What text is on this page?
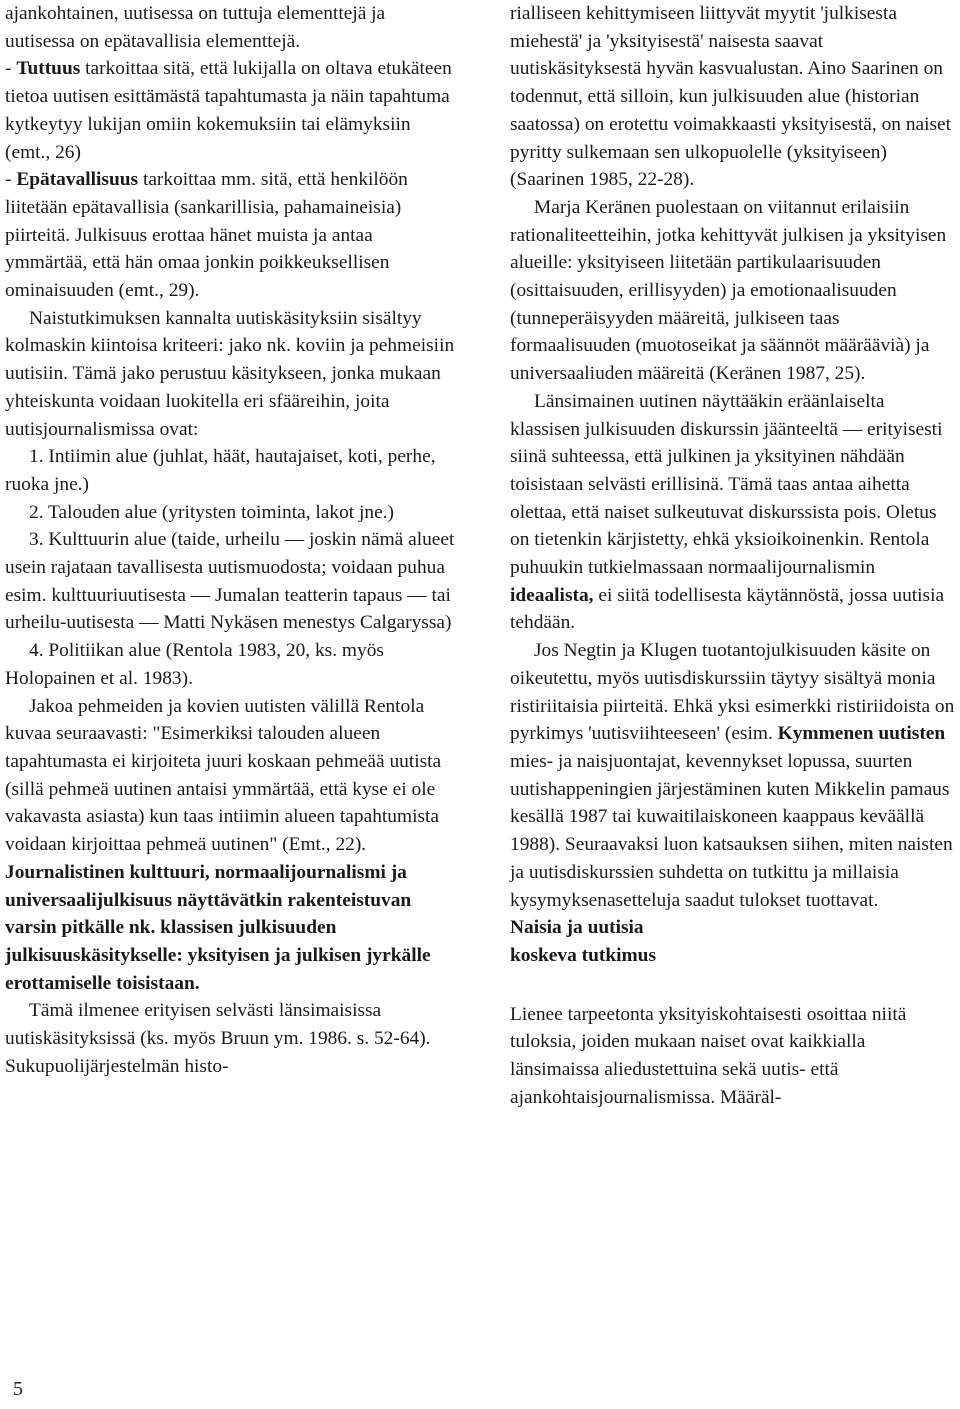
ajankohtainen, uutisessa on tuttuja elementtejä ja uutisessa on epätavallisia elementtejä.

- Tuttuus tarkoittaa sitä, että lukijalla on oltava etukäteen tietoa uutisen esittämästä tapahtumasta ja näin tapahtuma kytkeytyy lukijan omiin kokemuksiin tai elämyksiin (emt., 26)

- Epätavallisuus tarkoittaa mm. sitä, että henkilöön liitetään epätavallisia (sankarillisia, pahamaineisia) piirteitä. Julkisuus erottaa hänet muista ja antaa ymmärtää, että hän omaa jonkin poikkeuksellisen ominaisuuden (emt., 29).

Naistutkimuksen kannalta uutiskäsityksiin sisältyy kolmaskin kiintoisa kriteeri: jako nk. koviin ja pehmeisiin uutisiin. Tämä jako perustuu käsitykseen, jonka mukaan yhteiskunta voidaan luokitella eri sfääreihin, joita uutisjournalismissa ovat:

1. Intiimin alue (juhlat, häät, hautajaiset, koti, perhe, ruoka jne.)

2. Talouden alue (yritysten toiminta, lakot jne.)

3. Kulttuurin alue (taide, urheilu — joskin nämä alueet usein rajataan tavallisesta uutismuodosta; voidaan puhua esim. kulttuuriuutisesta — Jumalan teatterin tapaus — tai urheilu-uutisesta — Matti Nykäsen menestys Calgaryssa)

4. Politiikan alue (Rentola 1983, 20, ks. myös Holopainen et al. 1983).

Jakoa pehmeiden ja kovien uutisten välillä Rentola kuvaa seuraavasti: "Esimerkiksi talouden alueen tapahtumasta ei kirjoiteta juuri koskaan pehmeää uutista (sillä pehmeä uutinen antaisi ymmärtää, että kyse ei ole vakavasta asiasta) kun taas intiimin alueen tapahtumista voidaan kirjoittaa pehmeä uutinen" (Emt., 22).

Journalistinen kulttuuri, normaalijournalismi ja universaalijulkisuus näyttävätkin rakenteistuvan varsin pitkälle nk. klassisen julkisuuden julkisuuskäsitykselle: yksityisen ja julkisen jyrkälle erottamiselle toisistaan.

Tämä ilmenee erityisen selvästi länsimaisissa uutiskäsityksissä (ks. myös Bruun ym. 1986. s. 52-64). Sukupuolijärjestelmän histo-

rialliseen kehittymiseen liittyvät myytit 'julkisesta miehestä' ja 'yksityisestä' naisesta saavat uutiskäsityksestä hyvän kasvualustan. Aino Saarinen on todennut, että silloin, kun julkisuuden alue (historian saatossa) on erotettu voimakkaasti yksityisestä, on naiset pyritty sulkemaan sen ulkopuolelle (yksityiseen) (Saarinen 1985, 22-28).

Marja Keränen puolestaan on viitannut erilaisiin rationaliteetteihin, jotka kehittyvät julkisen ja yksityisen alueille: yksityiseen liitetään partikulaarisuuden (osittaisuuden, erillisyyden) ja emotionaalisuuden (tunneperäisyyden määreitä, julkiseen taas formaalisuuden (muotoseikat ja säännöt määräävià) ja universaaliuden määreitä (Keränen 1987, 25).

Länsimainen uutinen näyttääkin eräänlaiselta klassisen julkisuuden diskurssin jäänteeltä — erityisesti siinä suhteessa, että julkinen ja yksityinen nähdään toisistaan selvästi erillisinä. Tämä taas antaa aihetta olettaa, että naiset sulkeutuvat diskurssista pois. Oletus on tietenkin kärjistetty, ehkä yksioikoinenkin. Rentola puhuukin tutkielmassaan normaalijournalismin ideaalista, ei siitä todellisesta käytännöstä, jossa uutisia tehdään.

Jos Negtin ja Klugen tuotantojulkisuuden käsite on oikeutettu, myös uutisdiskurssiin täytyy sisältyä monia ristiriitaisia piirteitä. Ehkä yksi esimerkki ristiriidoista on pyrkimys 'uutisviihteeseen' (esim. Kymmenen uutisten mies- ja naisjuontajat, kevennykset lopussa, suurten uutishappeningien järjestäminen kuten Mikkelin pamaus kesällä 1987 tai kuwaitilaiskoneen kaappaus keväällä 1988). Seuraavaksi luon katsauksen siihen, miten naisten ja uutisdiskurssien suhdetta on tutkittu ja millaisia kysymyksenasetteluja saadut tulokset tuottavat.

Naisia ja uutisia
koskeva tutkimus

Lienee tarpeetonta yksityiskohtaisesti osoittaa niitä tuloksia, joiden mukaan naiset ovat kaikkialla länsimaissa aliedustettuina sekä uutis- että ajankohtaisjournalismissa. Määräl-

5
